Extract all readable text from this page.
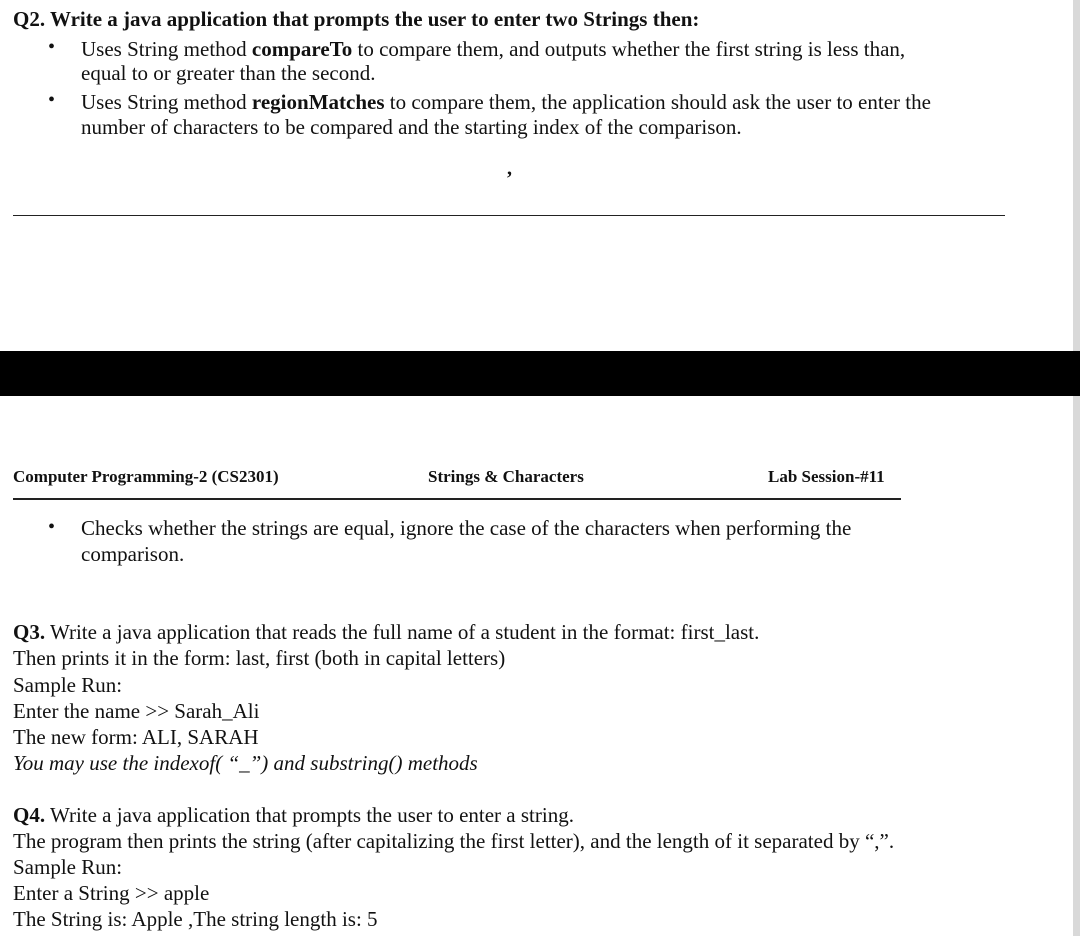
Q2. Write a java application that prompts the user to enter two Strings then:
• Uses String method compareTo to compare them, and outputs whether the first string is less than,
equal to or greater than the second.
• Uses String method regionMatches to compare them, the application should ask the user to enter the
number of characters to be compared and the starting index of the comparison.
ʼ
Computer Programming-2 (CS2301)	Strings & Characters	Lab Session-#11
• Checks whether the strings are equal, ignore the case of the characters when performing the
comparison.
Q3. Write a java application that reads the full name of a student in the format: first_last.
Then prints it in the form: last, first (both in capital letters)
Sample Run:
Enter the name >> Sarah_Ali
The new form: ALI, SARAH
You may use the indexof( “_”) and substring() methods
Q4. Write a java application that prompts the user to enter a string.
The program then prints the string (after capitalizing the first letter), and the length of it separated by “,”.
Sample Run:
Enter a String >> apple
The String is: Apple ,The string length is: 5
